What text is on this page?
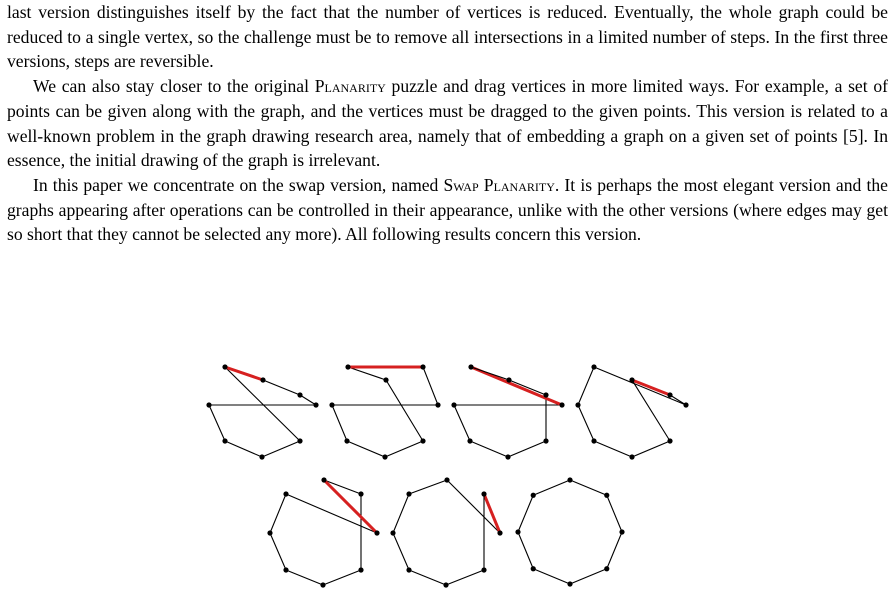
last version distinguishes itself by the fact that the number of vertices is reduced. Eventually, the whole graph could be reduced to a single vertex, so the challenge must be to remove all intersections in a limited number of steps. In the first three versions, steps are reversible.

We can also stay closer to the original Planarity puzzle and drag vertices in more limited ways. For example, a set of points can be given along with the graph, and the vertices must be dragged to the given points. This version is related to a well-known problem in the graph drawing research area, namely that of embedding a graph on a given set of points [5]. In essence, the initial drawing of the graph is irrelevant.

In this paper we concentrate on the swap version, named Swap Planarity. It is perhaps the most elegant version and the graphs appearing after operations can be controlled in their appearance, unlike with the other versions (where edges may get so short that they cannot be selected any more). All following results concern this version.
